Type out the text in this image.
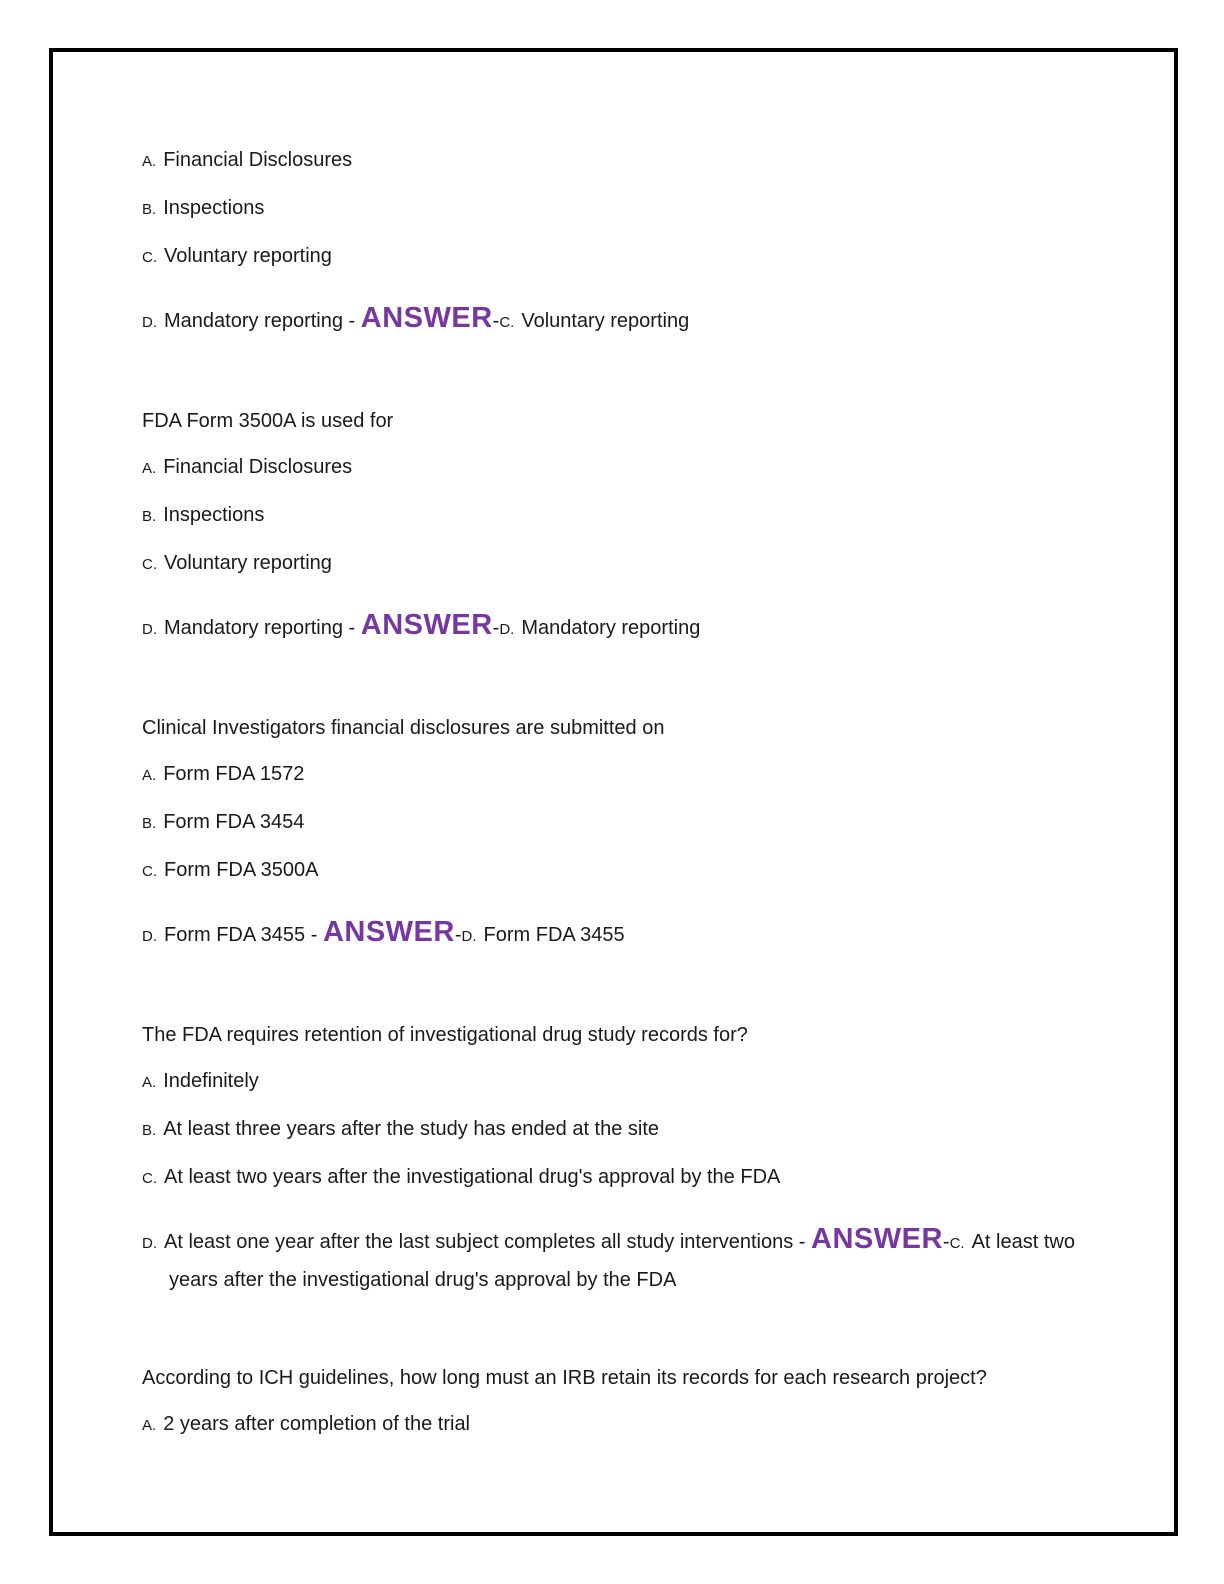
A. Financial Disclosures

B. Inspections

C. Voluntary reporting

D. Mandatory reporting - ANSWER-C. Voluntary reporting

FDA Form 3500A is used for

A. Financial Disclosures

B. Inspections

C. Voluntary reporting

D. Mandatory reporting - ANSWER-D. Mandatory reporting

Clinical Investigators financial disclosures are submitted on

A. Form FDA 1572

B. Form FDA 3454

C. Form FDA 3500A

D. Form FDA 3455 - ANSWER-D. Form FDA 3455

The FDA requires retention of investigational drug study records for?

A. Indefinitely

B. At least three years after the study has ended at the site

C. At least two years after the investigational drug's approval by the FDA

D. At least one year after the last subject completes all study interventions - ANSWER-C. At least two years after the investigational drug's approval by the FDA

According to ICH guidelines, how long must an IRB retain its records for each research project?

A. 2 years after completion of the trial
